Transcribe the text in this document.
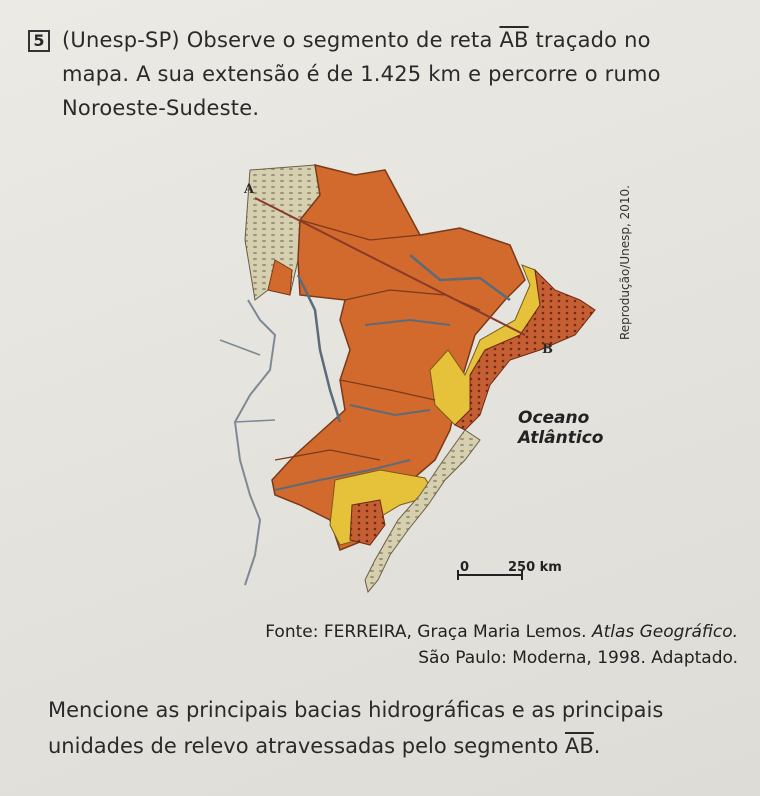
5 (Unesp-SP) Observe o segmento de reta $\overline{AB}$ traçado no
mapa. A sua extensão é de 1.425 km e percorre o rumo
Noroeste-Sudeste.
A
B
Oceano
Atlântico
0	250 km
Reprodução/Unesp, 2010.
Fonte: FERREIRA, Graça Maria Lemos. Atlas Geográfico.
São Paulo: Moderna, 1998. Adaptado.
Mencione as principais bacias hidrográficas e as principais
unidades de relevo atravessadas pelo segmento $\overline{AB}$.
